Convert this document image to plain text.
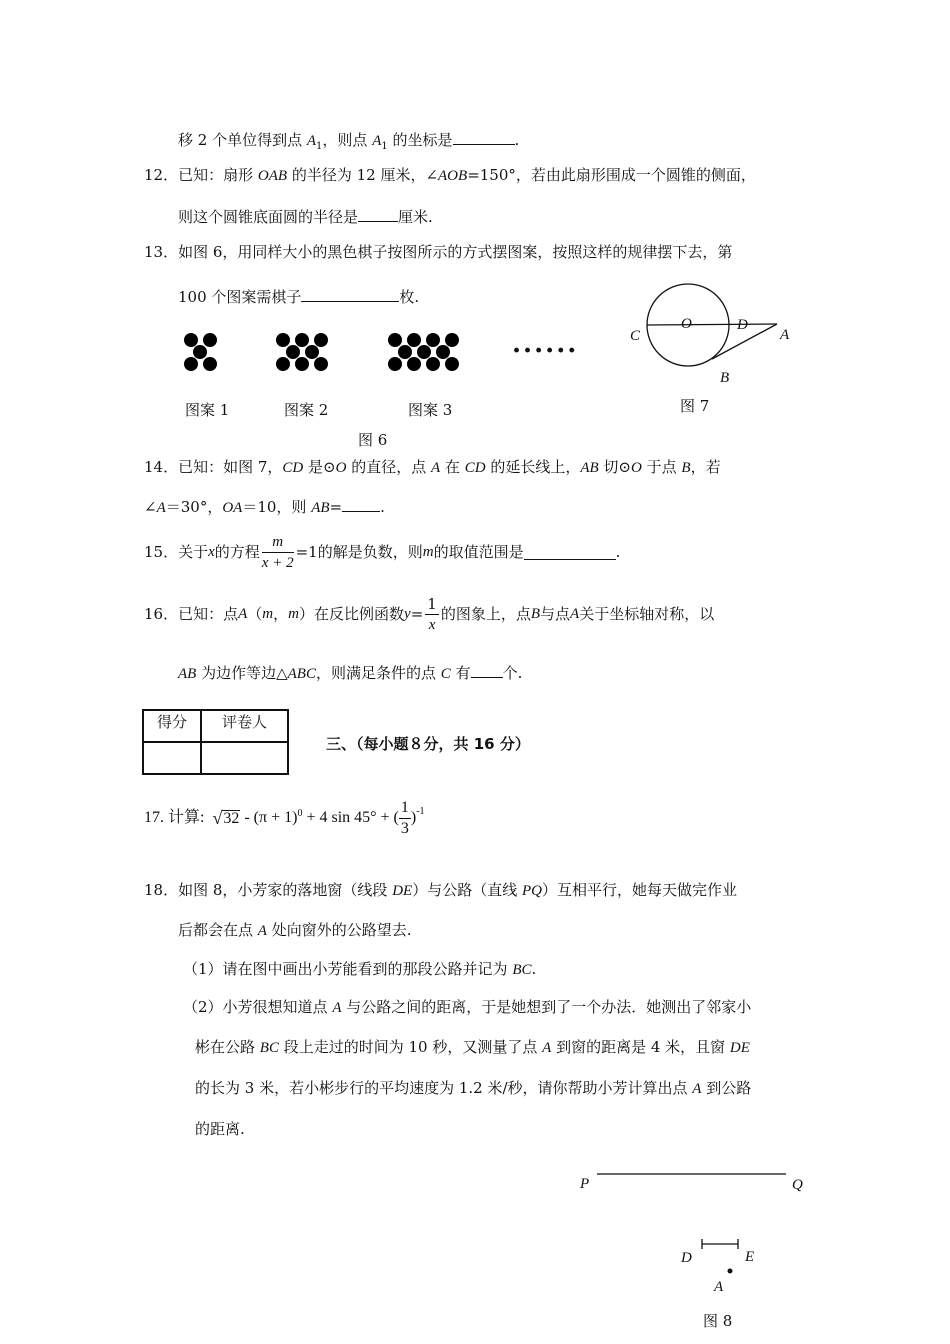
移 2 个单位得到点 $A_1$，则点 $A_1$ 的坐标是	.
12．已知：扇形 OAB 的半径为 12 厘米，∠AOB=150°，若由此扇形围成一个圆锥的侧面，
则这个圆锥底面圆的半径是	厘米.
13．如图 6，用同样大小的黑色棋子按图所示的方式摆图案，按照这样的规律摆下去，第
100 个图案需棋子	枚.
······
图案 1	图案 2	图案 3
图 6
C
O	D
A
B
图 7
14．已知：如图 7，CD 是⊙O 的直径，点 A 在 CD 的延长线上，AB 切⊙O 于点 B，若
∠A＝30°，OA＝10，则 AB=	.
15． 关于 x 的方程 $\frac{m}{x + 2} =1$ 的解是负数，则 m 的取值范围是	.
16． 已知：点 A （ m ， m ）在反比例函数 $y = \frac{1}{x}$ 的图象上，点 B 与点 A 关于坐标轴对称，以
AB 为边作等边△ABC，则满足条件的点 C 有 个.
得分	评卷人

三、（每小题８分，共 16 分）
17. 计算: √ $32 - (\pi + 1)^0 + 4$ sin 45° + ( $\frac{1}{3} )^{-1}$
18．如图 8，小芳家的落地窗（线段 DE）与公路（直线 PQ）互相平行，她每天做完作业
后都会在点 A 处向窗外的公路望去.
（1）请在图中画出小芳能看到的那段公路并记为 BC.
（2）小芳很想知道点 A 与公路之间的距离，于是她想到了一个办法．她测出了邻家小
彬在公路 BC 段上走过的时间为 10 秒，又测量了点 A 到窗的距离是 4 米，且窗 DE
的长为 3 米，若小彬步行的平均速度为 1.2 米/秒，请你帮助小芳计算出点 A 到公路
的距离.
P	Q
D	E
A
图 8
